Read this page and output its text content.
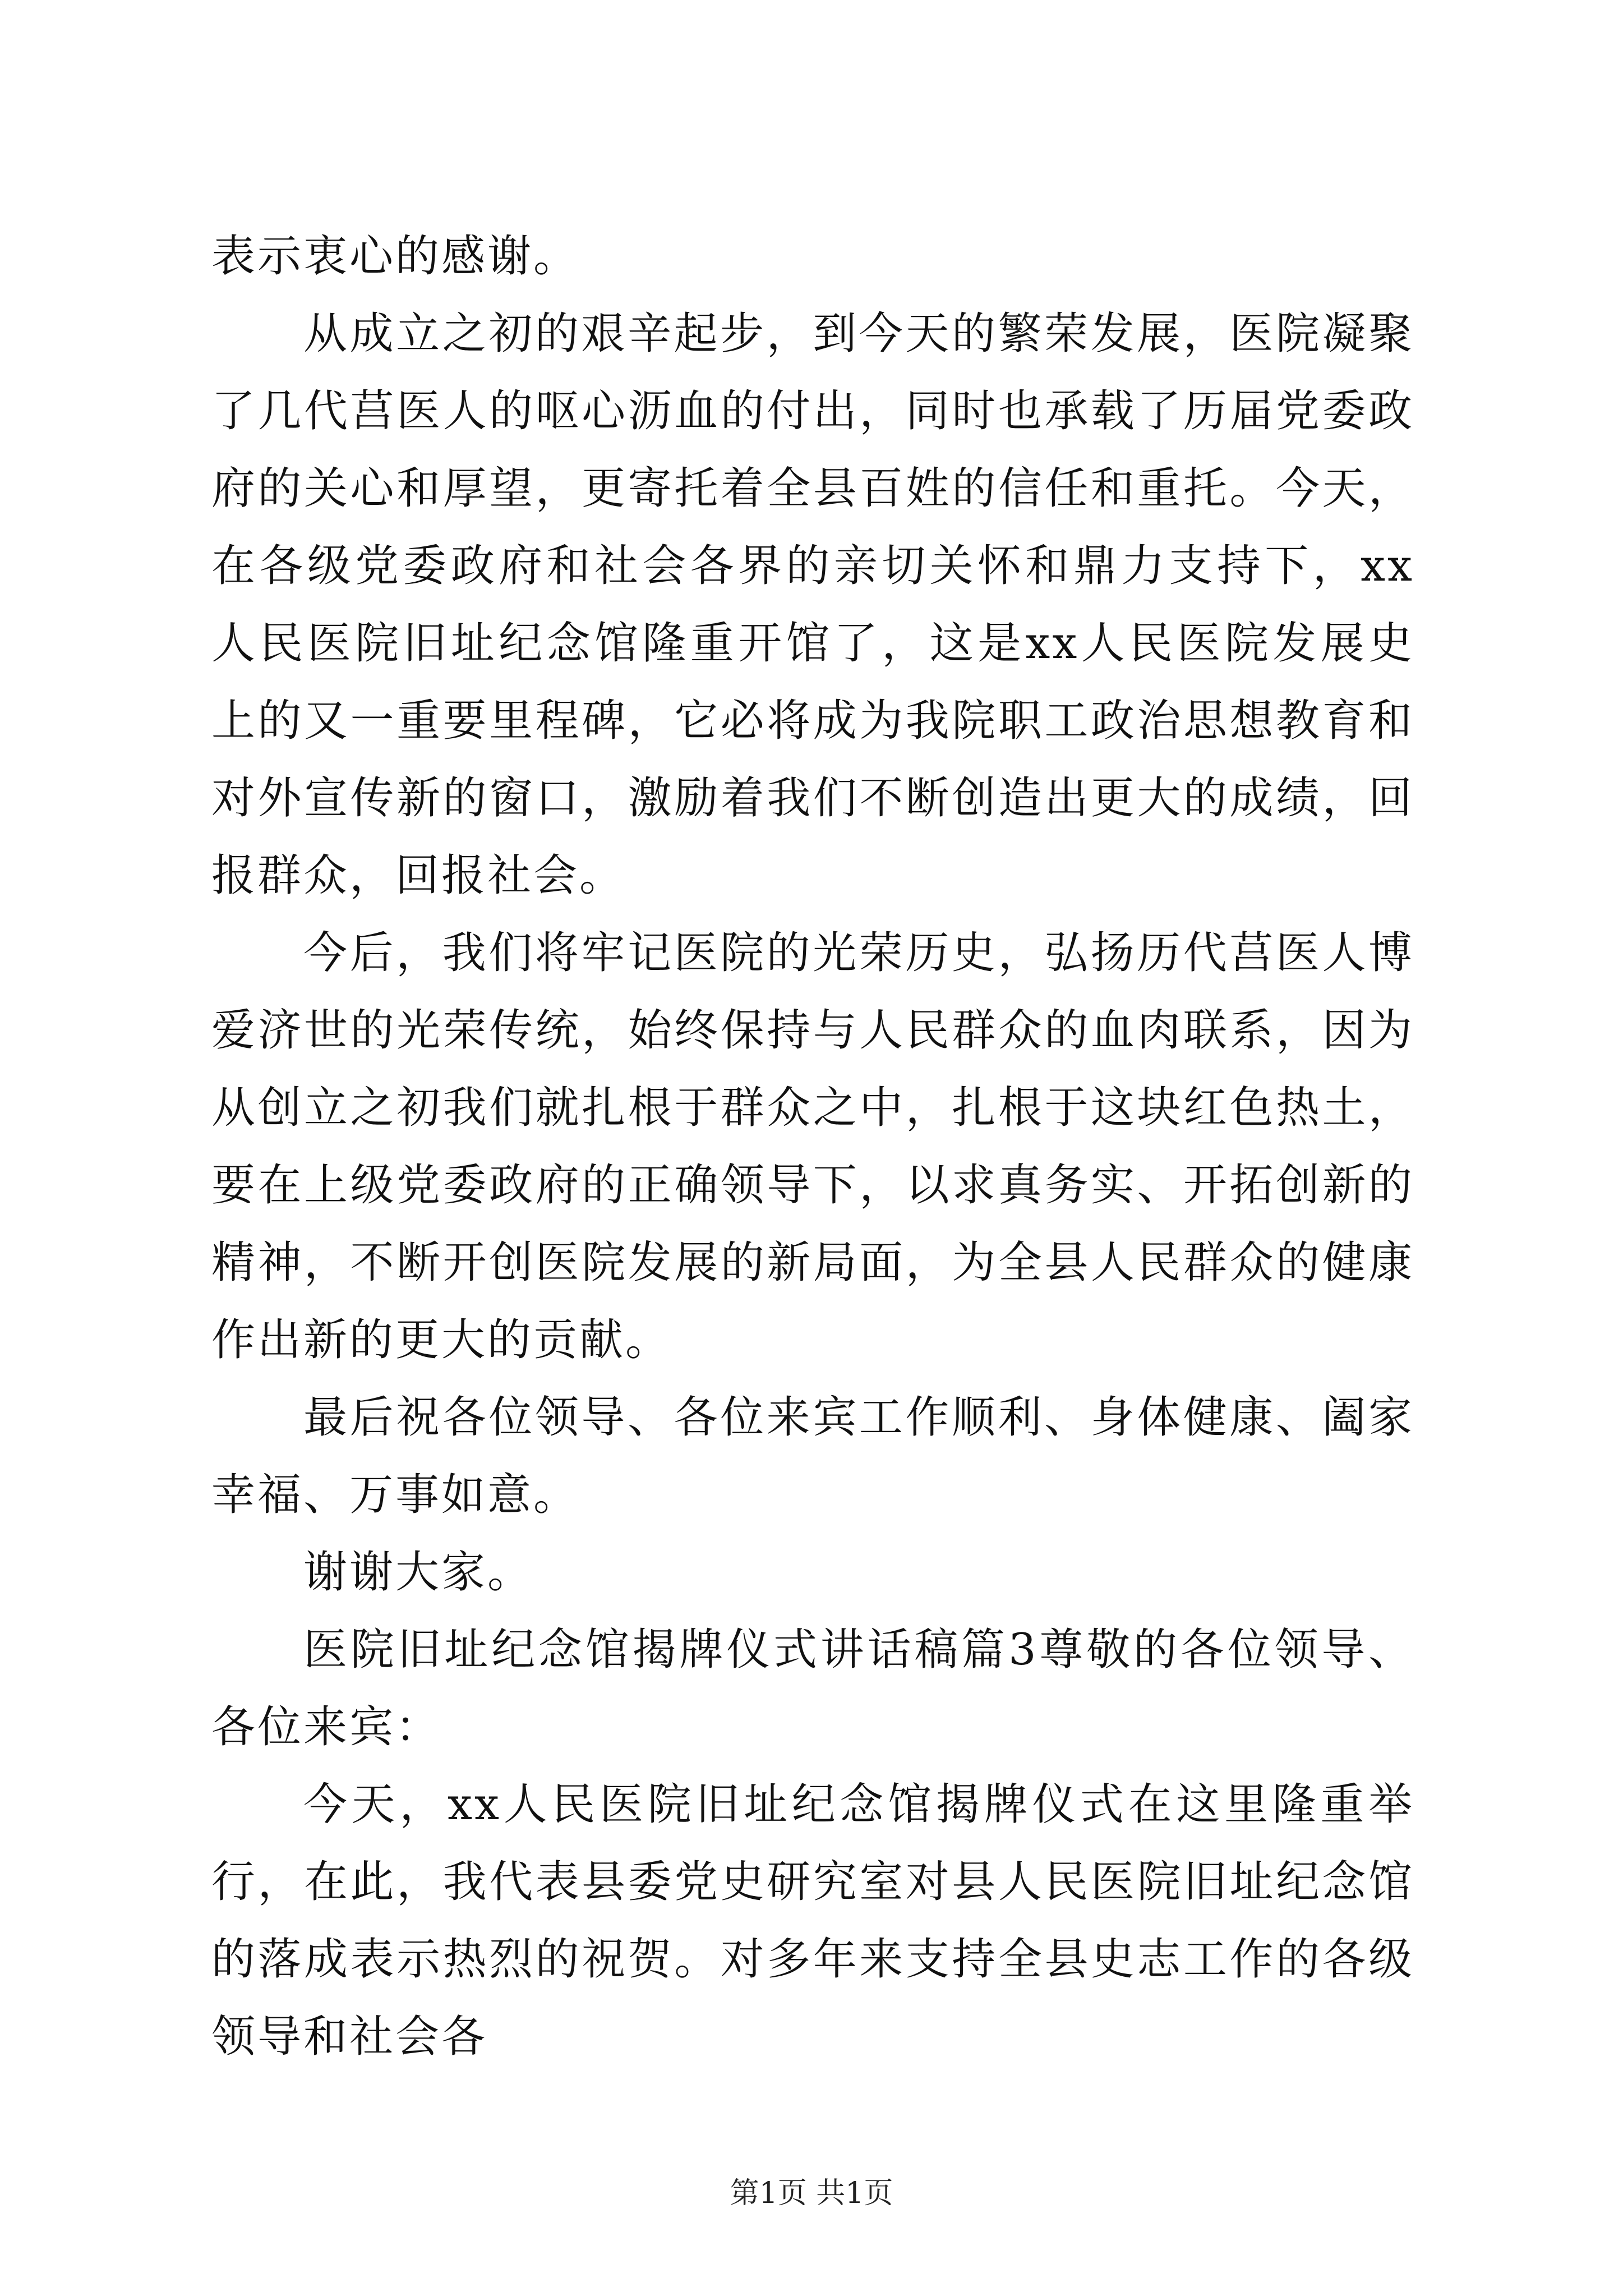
表示衷心的感谢。

从成立之初的艰辛起步，到今天的繁荣发展，医院凝聚了几代莒医人的呕心沥血的付出，同时也承载了历届党委政府的关心和厚望，更寄托着全县百姓的信任和重托。今天，在各级党委政府和社会各界的亲切关怀和鼎力支持下，xx人民医院旧址纪念馆隆重开馆了，这是xx人民医院发展史上的又一重要里程碑，它必将成为我院职工政治思想教育和对外宣传新的窗口，激励着我们不断创造出更大的成绩，回报群众，回报社会。

今后，我们将牢记医院的光荣历史，弘扬历代莒医人博爱济世的光荣传统，始终保持与人民群众的血肉联系，因为从创立之初我们就扎根于群众之中，扎根于这块红色热土，要在上级党委政府的正确领导下，以求真务实、开拓创新的精神，不断开创医院发展的新局面，为全县人民群众的健康作出新的更大的贡献。

最后祝各位领导、各位来宾工作顺利、身体健康、阖家幸福、万事如意。

谢谢大家。

医院旧址纪念馆揭牌仪式讲话稿篇3尊敬的各位领导、各位来宾：

今天，xx人民医院旧址纪念馆揭牌仪式在这里隆重举行，在此，我代表县委党史研究室对县人民医院旧址纪念馆的落成表示热烈的祝贺。对多年来支持全县史志工作的各级领导和社会各

第1页 共1页
